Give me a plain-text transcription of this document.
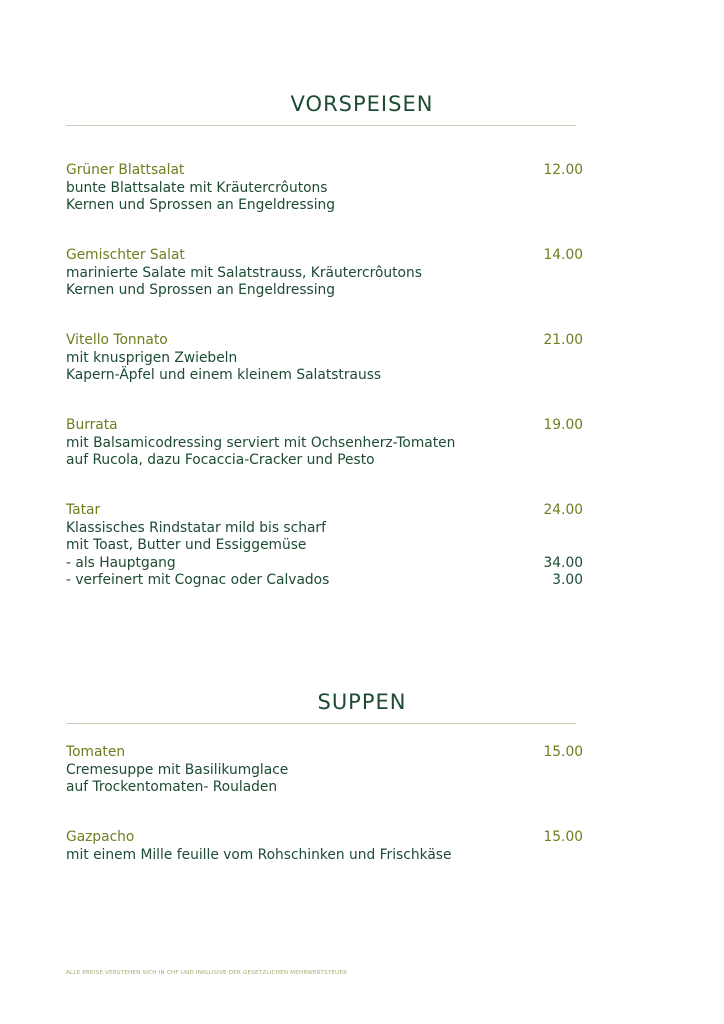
VORSPEISEN
Grüner Blattsalat	12.00
bunte Blattsalate mit Kräutercrôutons
Kernen und Sprossen an Engeldressing
Gemischter Salat	14.00
marinierte Salate mit Salatstrauss, Kräutercrôutons
Kernen und Sprossen an Engeldressing
Vitello Tonnato	21.00
mit knusprigen Zwiebeln
Kapern-Äpfel und einem kleinem Salatstrauss
Burrata	19.00
mit Balsamicodressing serviert mit Ochsenherz-Tomaten
auf Rucola, dazu Focaccia-Cracker und Pesto
Tatar	24.00
Klassisches Rindstatar mild bis scharf
mit Toast, Butter und Essiggemüse
- als Hauptgang	34.00
- verfeinert mit Cognac oder Calvados	3.00
SUPPEN
Tomaten	15.00
Cremesuppe mit Basilikumglace
auf Trockentomaten- Rouladen
Gazpacho	15.00
mit einem Mille feuille vom Rohschinken und Frischkäse
ALLE PREISE VERSTEHEN SICH IN CHF UND INKLUSIVE DER GESETZLICHEN MEHRWERTSTEUER
